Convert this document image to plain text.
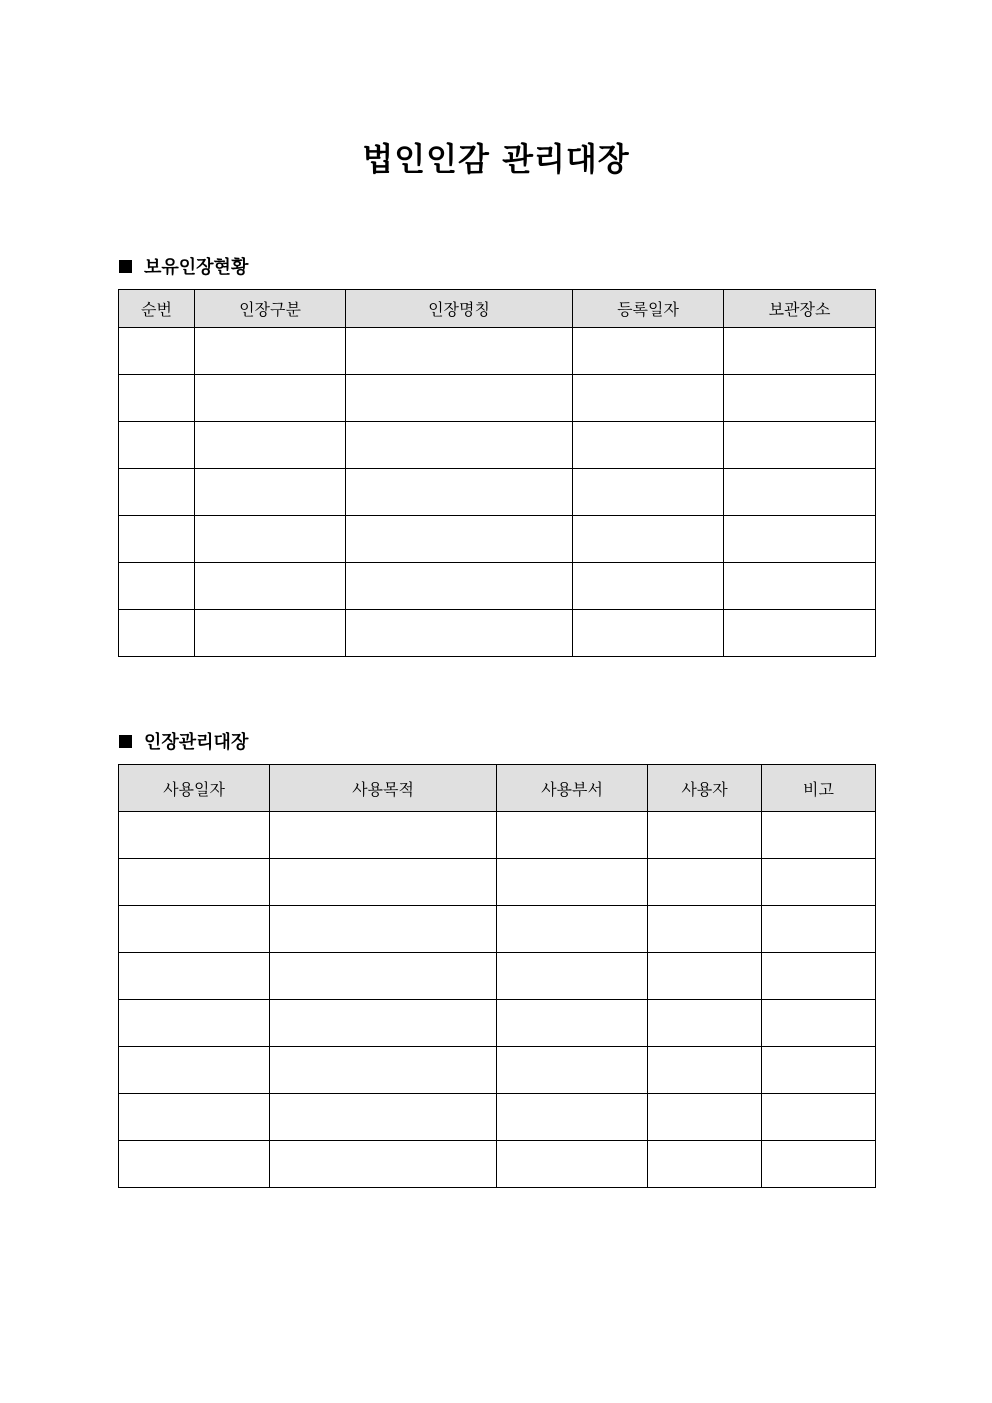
법인인감 관리대장
보유인장현황
순번	인장구분	인장명칭	등록일자	보관장소

인장관리대장
사용일자	사용목적	사용부서	사용자	비고
